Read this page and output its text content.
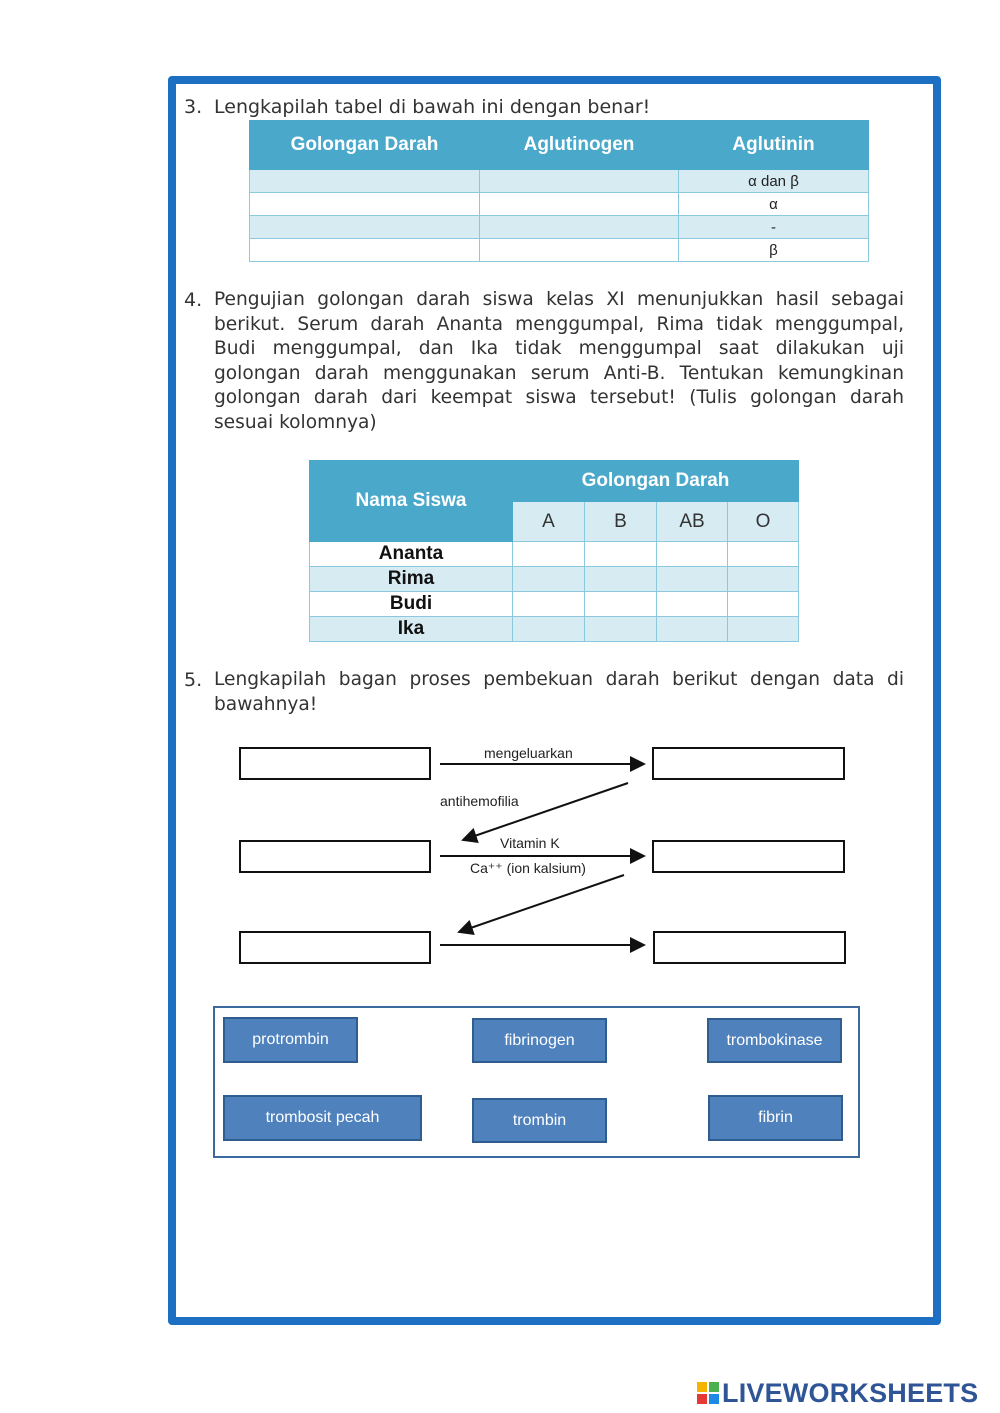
3. Lengkapilah tabel di bawah ini dengan benar!
Golongan Darah	Aglutinogen	Aglutinin
		α dan β
		α
		-
		β
4. Pengujian golongan darah siswa kelas XI menunjukkan hasil sebagai
berikut. Serum darah Ananta menggumpal, Rima tidak menggumpal,
Budi menggumpal, dan Ika tidak menggumpal saat dilakukan uji
golongan darah menggunakan serum Anti-B. Tentukan kemungkinan
golongan darah dari keempat siswa tersebut! (Tulis golongan darah
sesuai kolomnya)
Nama Siswa	Golongan Darah			
	A	B	AB	O
Ananta				
Rima				
Budi				
Ika				
5. Lengkapilah bagan proses pembekuan darah berikut dengan data di
bawahnya!
mengeluarkan
antihemofilia
Vitamin K
Ca⁺⁺ (ion kalsium)
protrombin	fibrinogen	trombokinase
trombosit pecah	trombin	fibrin
LIVEWORKSHEETS
